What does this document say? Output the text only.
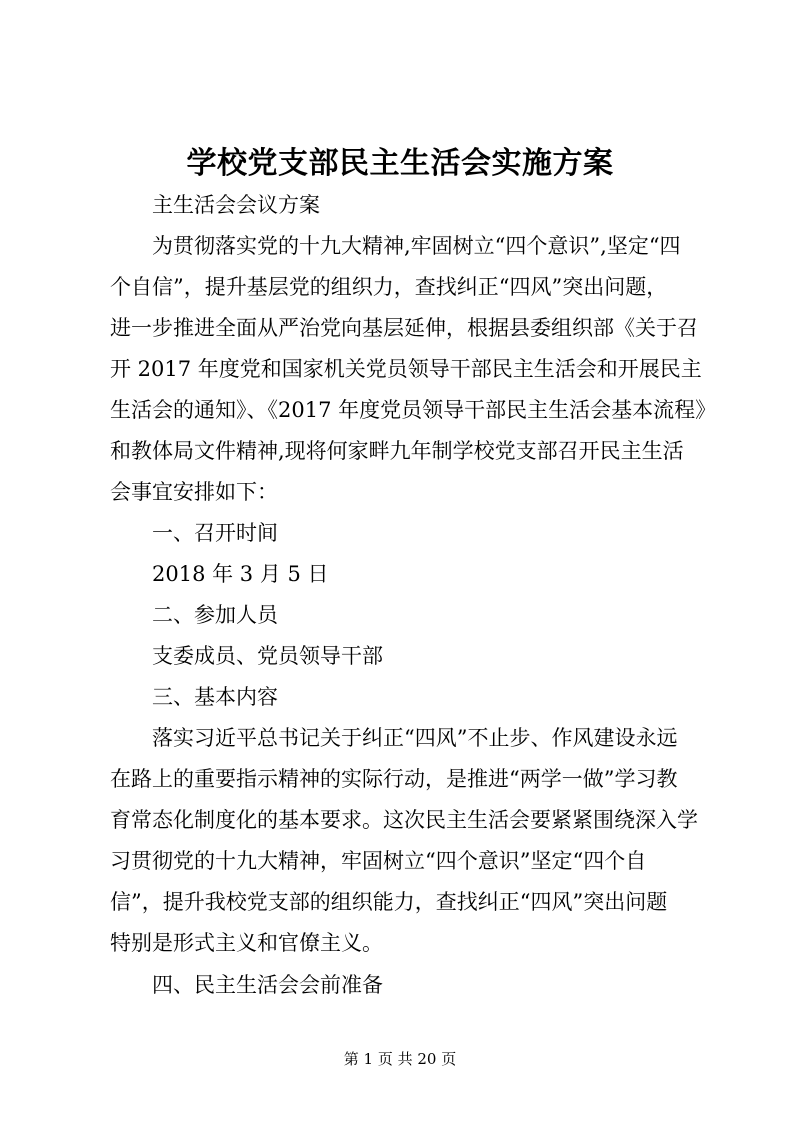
学校党支部民主生活会实施方案
主生活会会议方案
为贯彻落实党的十九大精神,牢固树立“四个意识”,坚定“四
个自信”，提升基层党的组织力，查找纠正“四风”突出问题，
进一步推进全面从严治党向基层延伸，根据县委组织部《关于召
开 2017 年度党和国家机关党员领导干部民主生活会和开展民主
生活会的通知》、《2017 年度党员领导干部民主生活会基本流程》
和教体局文件精神,现将何家畔九年制学校党支部召开民主生活
会事宜安排如下：
一、召开时间
2018 年 3 月 5 日
二、参加人员
支委成员、党员领导干部
三、基本内容
落实习近平总书记关于纠正“四风”不止步、作风建设永远
在路上的重要指示精神的实际行动，是推进“两学一做”学习教
育常态化制度化的基本要求。这次民主生活会要紧紧围绕深入学
习贯彻党的十九大精神，牢固树立“四个意识”坚定“四个自
信”，提升我校党支部的组织能力，查找纠正“四风”突出问题
特别是形式主义和官僚主义。
四、民主生活会会前准备
第 1 页 共 20 页
